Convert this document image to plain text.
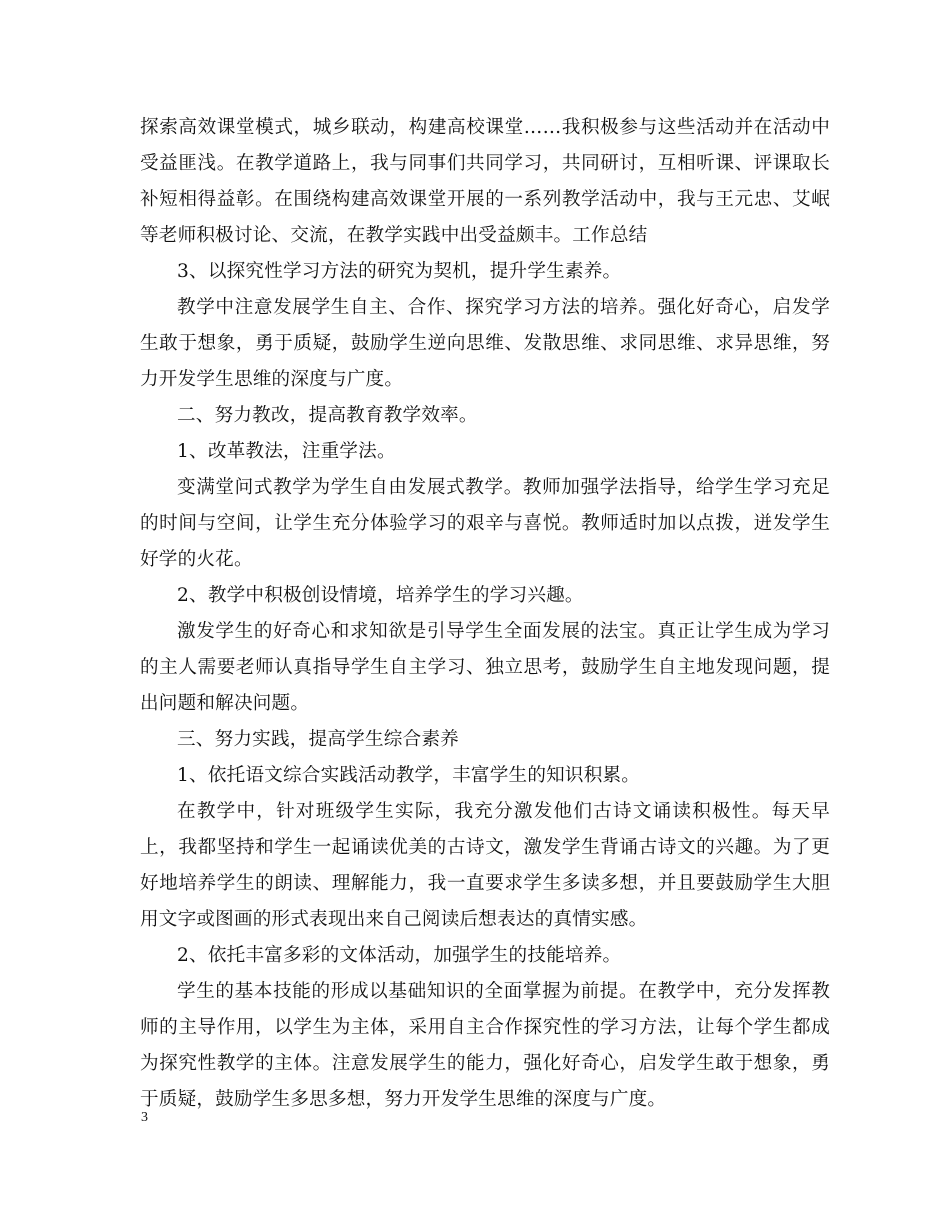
探索高效课堂模式，城乡联动，构建高校课堂……我积极参与这些活动并在活动中受益匪浅。在教学道路上，我与同事们共同学习，共同研讨，互相听课、评课取长补短相得益彰。在围绕构建高效课堂开展的一系列教学活动中，我与王元忠、艾岷等老师积极讨论、交流，在教学实践中出受益颇丰。工作总结

3、以探究性学习方法的研究为契机，提升学生素养。

教学中注意发展学生自主、合作、探究学习方法的培养。强化好奇心，启发学生敢于想象，勇于质疑，鼓励学生逆向思维、发散思维、求同思维、求异思维，努力开发学生思维的深度与广度。

二、努力教改，提高教育教学效率。

1、改革教法，注重学法。

变满堂问式教学为学生自由发展式教学。教师加强学法指导，给学生学习充足的时间与空间，让学生充分体验学习的艰辛与喜悦。教师适时加以点拨，迸发学生好学的火花。

2、教学中积极创设情境，培养学生的学习兴趣。

激发学生的好奇心和求知欲是引导学生全面发展的法宝。真正让学生成为学习的主人需要老师认真指导学生自主学习、独立思考，鼓励学生自主地发现问题，提出问题和解决问题。

三、努力实践，提高学生综合素养

1、依托语文综合实践活动教学，丰富学生的知识积累。

在教学中，针对班级学生实际，我充分激发他们古诗文诵读积极性。每天早上，我都坚持和学生一起诵读优美的古诗文，激发学生背诵古诗文的兴趣。为了更好地培养学生的朗读、理解能力，我一直要求学生多读多想，并且要鼓励学生大胆用文字或图画的形式表现出来自己阅读后想表达的真情实感。

2、依托丰富多彩的文体活动，加强学生的技能培养。

学生的基本技能的形成以基础知识的全面掌握为前提。在教学中，充分发挥教师的主导作用，以学生为主体，采用自主合作探究性的学习方法，让每个学生都成为探究性教学的主体。注意发展学生的能力，强化好奇心，启发学生敢于想象，勇于质疑，鼓励学生多思多想，努力开发学生思维的深度与广度。

3
